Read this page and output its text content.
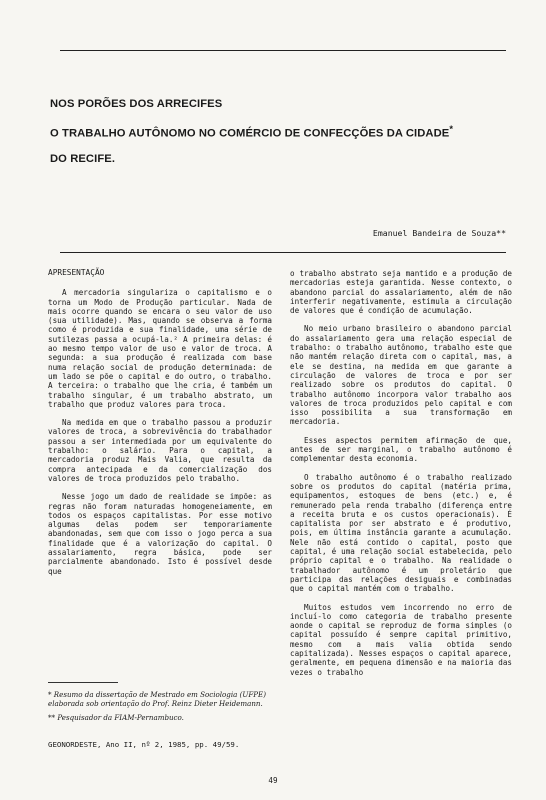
NOS PORÕES DOS ARRECIFES
O TRABALHO AUTÔNOMO NO COMÉRCIO DE CONFECÇÕES DA CIDADE*
DO RECIFE.
Emanuel Bandeira de Souza**
APRESENTAÇÃO

A mercadoria singulariza o capitalismo e o torna um Modo de Produção particular. Nada de mais ocorre quando se encara o seu valor de uso (sua utilidade). Mas, quando se observa a forma como é produzida e sua finalidade, uma série de sutilezas passa a ocupá-la.² A primeira delas: é ao mesmo tempo valor de uso e valor de troca. A segunda: a sua produção é realizada com base numa relação social de produção determinada: de um lado se põe o capital e do outro, o trabalho. A terceira: o trabalho que lhe cria, é também um trabalho singular, é um trabalho abstrato, um trabalho que produz valores para troca.

Na medida em que o trabalho passou a produzir valores de troca, a sobrevivência do trabalhador passou a ser intermediada por um equivalente do trabalho: o salário. Para o capital, a mercadoria produz Mais Valia, que resulta da compra antecipada e da comercialização dos valores de troca produzidos pelo trabalho.

Nesse jogo um dado de realidade se impõe: as regras não foram naturadas homogeneiamente, em todos os espaços capitalistas. Por esse motivo algumas delas podem ser temporariamente abandonadas, sem que com isso o jogo perca a sua finalidade que é a valorização do capital. O assalariamento, regra básica, pode ser parcialmente abandonado. Isto é possível desde que

o trabalho abstrato seja mantido e a produção de mercadorias esteja garantida. Nesse contexto, o abandono parcial do assalariamento, além de não interferir negativamente, estimula a circulação de valores que é condição de acumulação.

No meio urbano brasileiro o abandono parcial do assalariamento gera uma relação especial de trabalho: o trabalho autônomo, trabalho este que não mantém relação direta com o capital, mas, a ele se destina, na medida em que garante a circulação de valores de troca e por ser realizado sobre os produtos do capital. O trabalho autônomo incorpora valor trabalho aos valores de troca produzidos pelo capital e com isso possibilita a sua transformação em mercadoria.

Esses aspectos permitem afirmação de que, antes de ser marginal, o trabalho autônomo é complementar desta economia.

O trabalho autônomo é o trabalho realizado sobre os produtos do capital (matéria prima, equipamentos, estoques de bens (etc.) e, é remunerado pela renda trabalho (diferença entre a receita bruta e os custos operacionais). É capitalista por ser abstrato e é produtivo, pois, em última instância garante a acumulação. Nele não está contido o capital, posto que capital, é uma relação social estabelecida, pelo próprio capital e o trabalho. Na realidade o trabalhador autônomo é um proletário que participa das relações desiguais e combinadas que o capital mantém com o trabalho.

Muitos estudos vem incorrendo no erro de incluí-lo como categoria de trabalho presente aonde o capital se reproduz de forma simples (o capital possuído é sempre capital primitivo, mesmo com a mais valia obtida sendo capitalizada). Nesses espaços o capital aparece, geralmente, em pequena dimensão e na maioria das vezes o trabalho

* Resumo da dissertação de Mestrado em Sociologia (UFPE) elaborada sob orientação do Prof. Reinz Dieter Heidemann.

** Pesquisador da FIAM-Pernambuco.

GEONORDESTE, Ano II, nº 2, 1985, pp. 49/59.
49
